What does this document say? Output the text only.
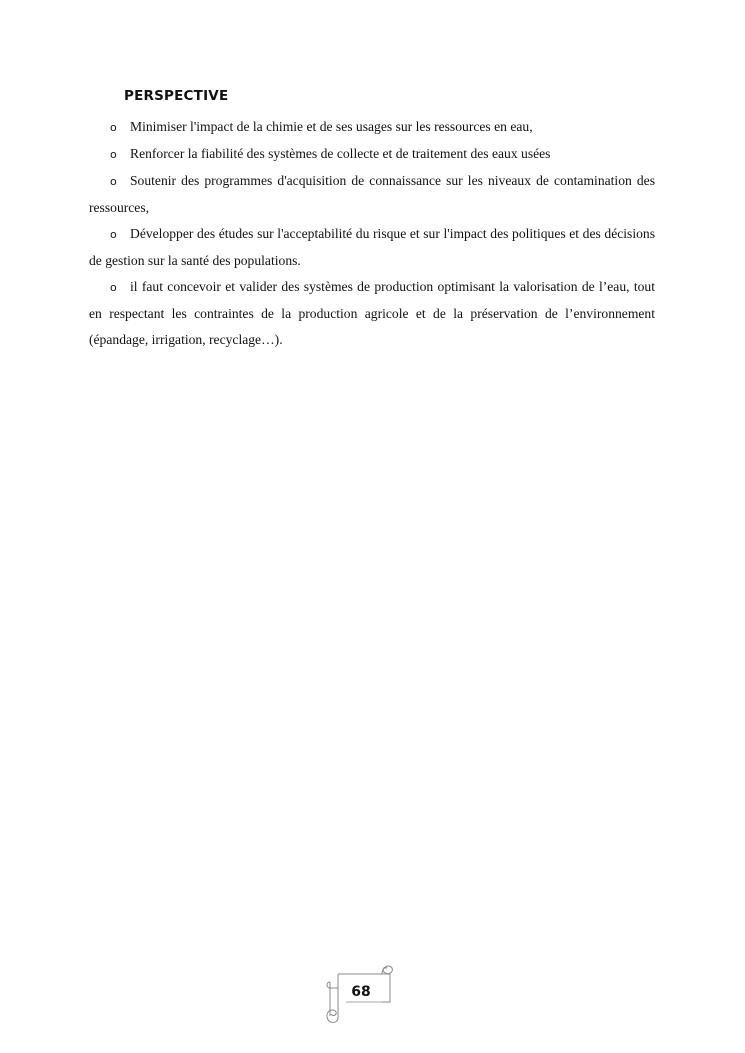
PERSPECTIVE

o Minimiser l'impact de la chimie et de ses usages sur les ressources en eau,

o Renforcer la fiabilité des systèmes de collecte et de traitement des eaux usées

o Soutenir des programmes d'acquisition de connaissance sur les niveaux de contamination des ressources,

o Développer des études sur l'acceptabilité du risque et sur l'impact des politiques et des décisions de gestion sur la santé des populations.

o il faut concevoir et valider des systèmes de production optimisant la valorisation de l’eau, tout en respectant les contraintes de la production agricole et de la préservation de l’environnement (épandage, irrigation, recyclage…).

68
